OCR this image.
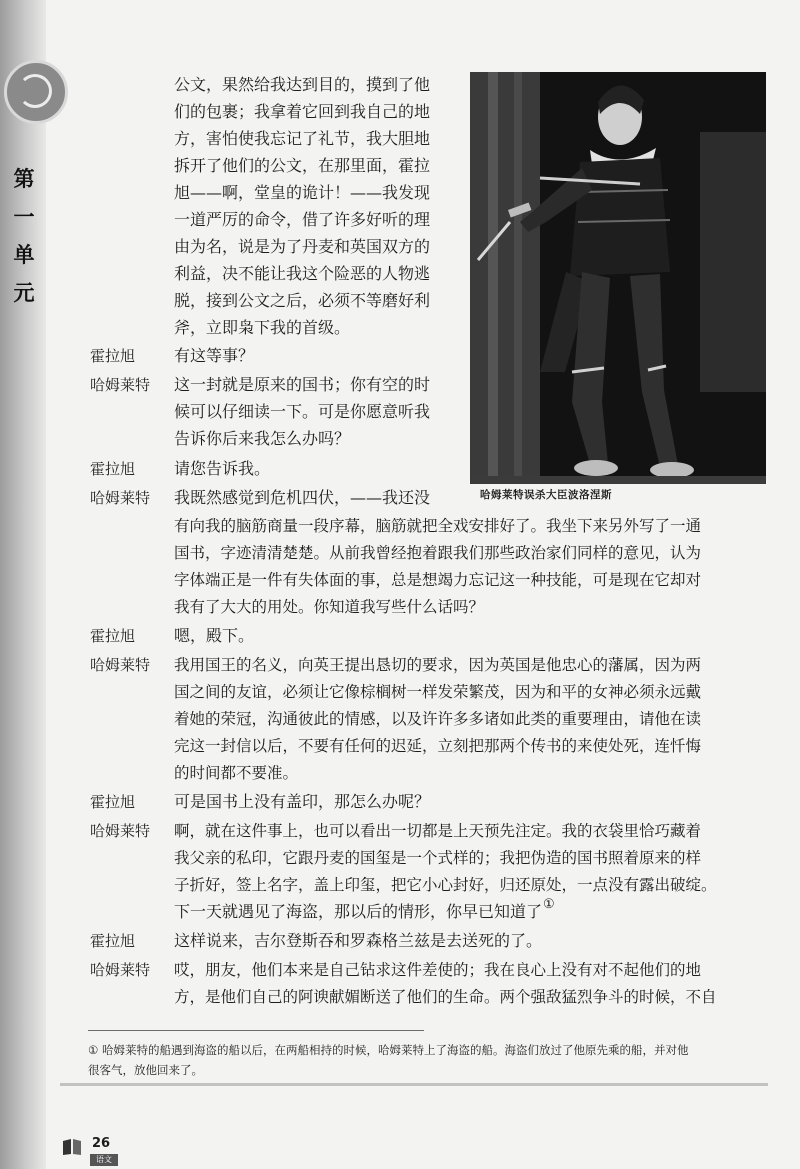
第一单元
哈姆莱特误杀大臣波洛涅斯
公文，果然给我达到目的，摸到了他
们的包裹；我拿着它回到我自己的地
方，害怕使我忘记了礼节，我大胆地
拆开了他们的公文，在那里面，霍拉
旭——啊，堂皇的诡计！——我发现
一道严厉的命令，借了许多好听的理
由为名，说是为了丹麦和英国双方的
利益，决不能让我这个险恶的人物逃
脱，接到公文之后，必须不等磨好利
斧，立即枭下我的首级。
霍拉旭 有这等事？
哈姆莱特 这一封就是原来的国书；你有空的时
候可以仔细读一下。可是你愿意听我
告诉你后来我怎么办吗？
霍拉旭 请您告诉我。
哈姆莱特 我既然感觉到危机四伏，——我还没
有向我的脑筋商量一段序幕，脑筋就把全戏安排好了。我坐下来另外写了一通
国书，字迹清清楚楚。从前我曾经抱着跟我们那些政治家们同样的意见，认为
字体端正是一件有失体面的事，总是想竭力忘记这一种技能，可是现在它却对
我有了大大的用处。你知道我写些什么话吗？
霍拉旭 嗯，殿下。
哈姆莱特 我用国王的名义，向英王提出恳切的要求，因为英国是他忠心的藩属，因为两
国之间的友谊，必须让它像棕榈树一样发荣繁茂，因为和平的女神必须永远戴
着她的荣冠，沟通彼此的情感，以及许许多多诸如此类的重要理由，请他在读
完这一封信以后，不要有任何的迟延，立刻把那两个传书的来使处死，连忏悔
的时间都不要准。
霍拉旭 可是国书上没有盖印，那怎么办呢？
哈姆莱特 啊，就在这件事上，也可以看出一切都是上天预先注定。我的衣袋里恰巧藏着
我父亲的私印，它跟丹麦的国玺是一个式样的；我把伪造的国书照着原来的样
子折好，签上名字，盖上印玺，把它小心封好，归还原处，一点没有露出破绽。
下一天就遇见了海盗，那以后的情形，你早已知道了 ①
霍拉旭 这样说来，吉尔登斯吞和罗森格兰兹是去送死的了。
哈姆莱特 哎，朋友，他们本来是自己钻求这件差使的；我在良心上没有对不起他们的地
方，是他们自己的阿谀献媚断送了他们的生命。两个强敌猛烈争斗的时候，不自
① 哈姆莱特的船遇到海盗的船以后，在两船相持的时候，哈姆莱特上了海盗的船。海盗们放过了他原先乘的船，并对他
很客气，放他回来了。
26
语文
